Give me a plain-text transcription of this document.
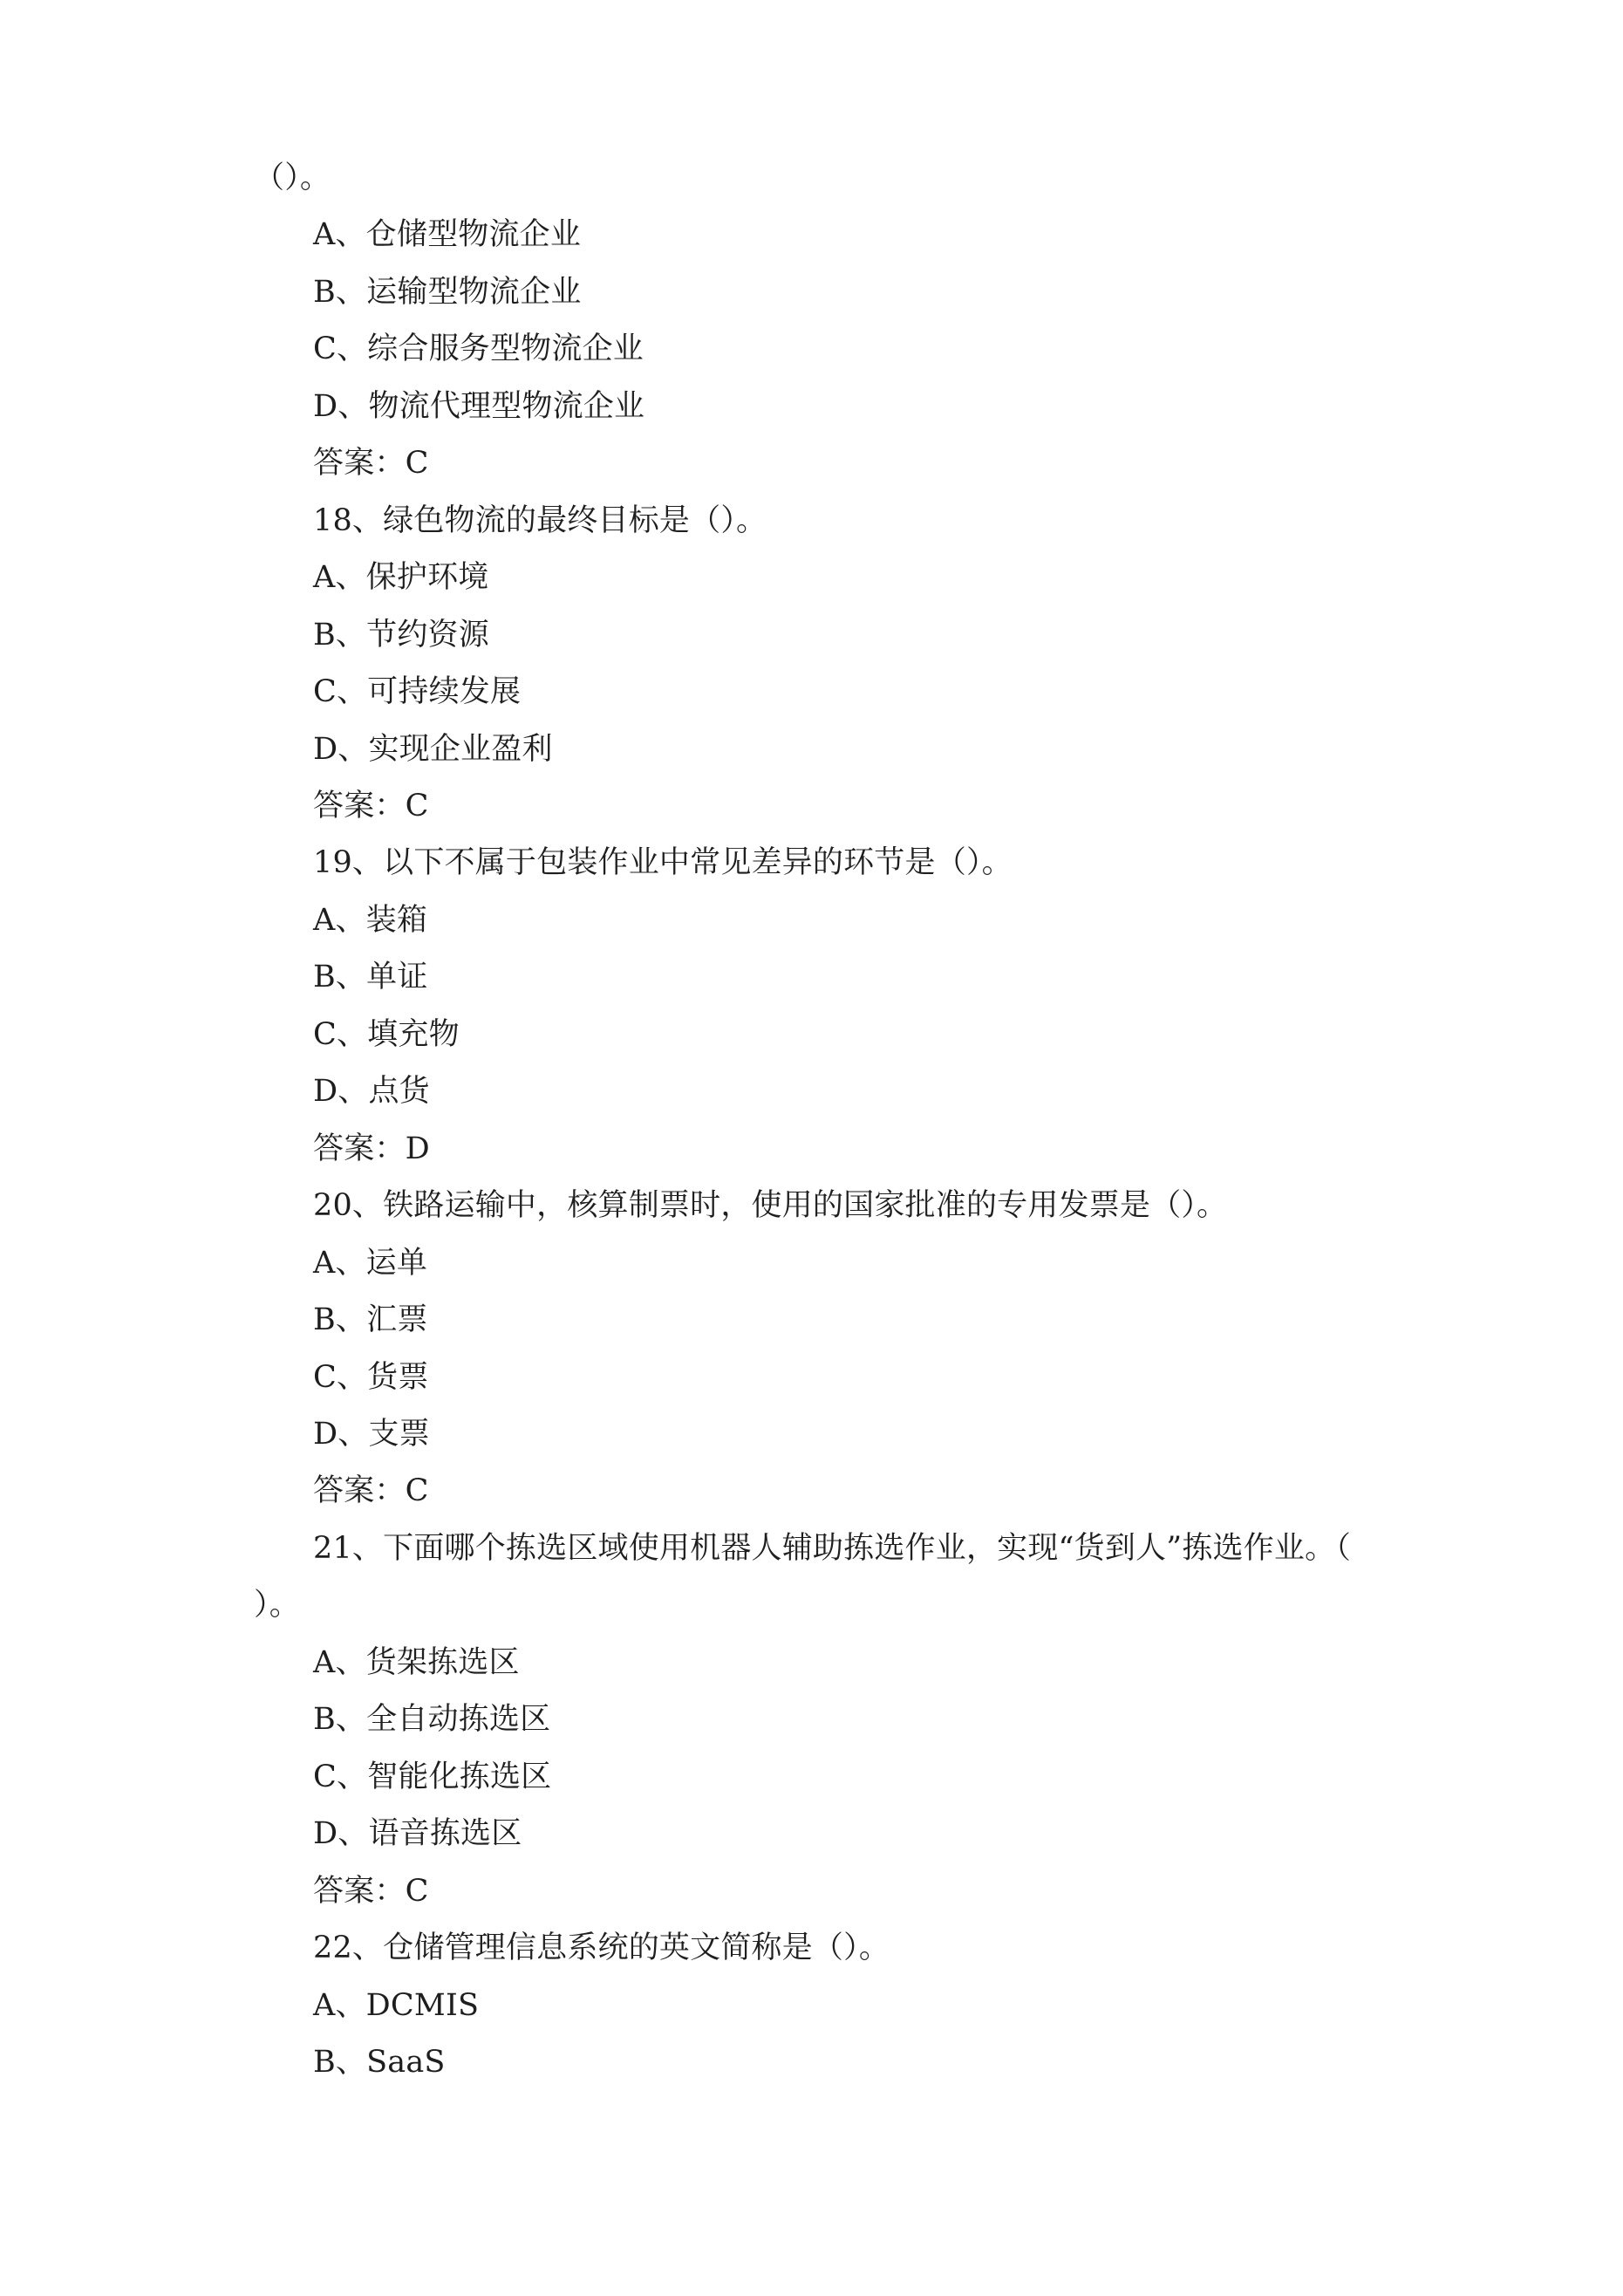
（）。
A、仓储型物流企业
B、运输型物流企业
C、综合服务型物流企业
D、物流代理型物流企业
答案：C
18、绿色物流的最终目标是（）。
A、保护环境
B、节约资源
C、可持续发展
D、实现企业盈利
答案：C
19、以下不属于包装作业中常见差异的环节是（）。
A、装箱
B、单证
C、填充物
D、点货
答案：D
20、铁路运输中，核算制票时，使用的国家批准的专用发票是（）。
A、运单
B、汇票
C、货票
D、支票
答案：C
21、下面哪个拣选区域使用机器人辅助拣选作业，实现“货到人”拣选作业。（
）。
A、货架拣选区
B、全自动拣选区
C、智能化拣选区
D、语音拣选区
答案：C
22、仓储管理信息系统的英文简称是（）。
A、DCMIS
B、SaaS
